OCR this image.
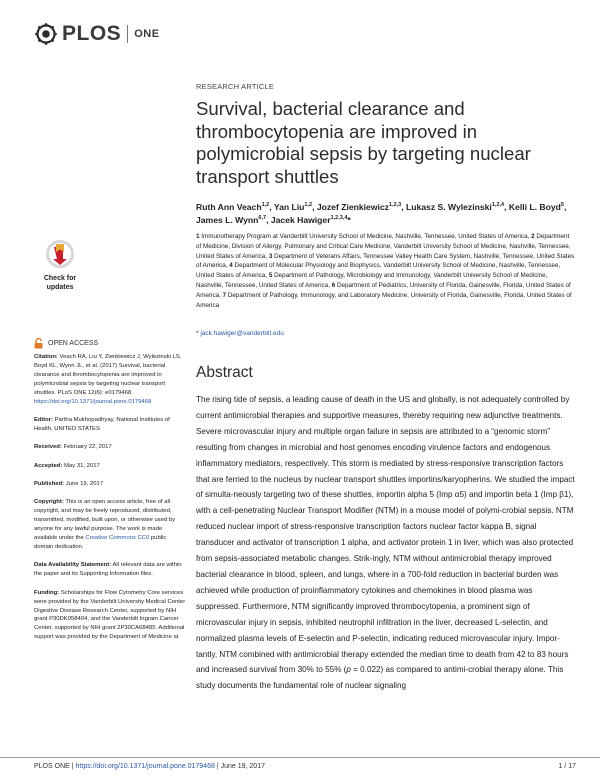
PLOS ONE
RESEARCH ARTICLE
Survival, bacterial clearance and thrombocytopenia are improved in polymicrobial sepsis by targeting nuclear transport shuttles
Ruth Ann Veach$^{1,2}$, Yan Liu$^{1,2}$, Jozef Zienkiewicz$^{1,2,3}$, Lukasz S. Wylezinski$^{1,2,4}$, Kelli L. Boyd$^5$, James L. Wynn$^{6,7}$, Jacek Hawiger$^{1,2,3,4}$*
1 Immunotherapy Program at Vanderbilt University School of Medicine, Nashville, Tennessee, United States of America, 2 Department of Medicine, Division of Allergy, Pulmonary and Critical Care Medicine, Vanderbilt University School of Medicine, Nashville, Tennessee, United States of America, 3 Department of Veterans Affairs, Tennessee Valley Health Care System, Nashville, Tennessee, United States of America, 4 Department of Molecular Physiology and Biophysics, Vanderbilt University School of Medicine, Nashville, Tennessee, United States of America, 5 Department of Pathology, Microbiology and Immunology, Vanderbilt University School of Medicine, Nashville, Tennessee, United States of America, 6 Department of Pediatrics, University of Florida, Gainesville, Florida, United States of America, 7 Department of Pathology, Immunology, and Laboratory Medicine, University of Florida, Gainesville, Florida, United States of America
* jack.hawiger@vanderbilt.edu
Abstract
The rising tide of sepsis, a leading cause of death in the US and globally, is not adequately controlled by current antimicrobial therapies and supportive measures, thereby requiring new adjunctive treatments. Severe microvascular injury and multiple organ failure in sepsis are attributed to a “genomic storm” resulting from changes in microbial and host genomes encoding virulence factors and endogenous inflammatory mediators, respectively. This storm is mediated by stress-responsive transcription factors that are ferried to the nucleus by nuclear transport shuttles importins/karyopherins. We studied the impact of simulta-neously targeting two of these shuttles, importin alpha 5 (Imp α5) and importin beta 1 (Imp β1), with a cell-penetrating Nuclear Transport Modifier (NTM) in a mouse model of polymi-crobial sepsis. NTM reduced nuclear import of stress-responsive transcription factors nuclear factor kappa B, signal transducer and activator of transcription 1 alpha, and activator protein 1 in liver, which was also protected from sepsis-associated metabolic changes. Strik-ingly, NTM without antimicrobial therapy improved bacterial clearance in blood, spleen, and lungs, where in a 700-fold reduction in bacterial burden was achieved while production of proinflammatory cytokines and chemokines in blood plasma was suppressed. Furthermore, NTM significantly improved thrombocytopenia, a prominent sign of microvascular injury in sepsis, inhibited neutrophil infiltration in the liver, decreased L-selectin, and normalized plasma levels of E-selectin and P-selectin, indicating reduced microvascular injury. Impor-tantly, NTM combined with antimicrobial therapy extended the median time to death from 42 to 83 hours and increased survival from 30% to 55% (p = 0.022) as compared to antimi-crobial therapy alone. This study documents the fundamental role of nuclear signaling
Check for
updates
OPEN ACCESS

Citation: Veach RA, Liu Y, Zienkiewicz J, Wylezinski LS, Boyd KL, Wynn JL, et al. (2017) Survival, bacterial clearance and thrombocytopenia are improved in polymicrobial sepsis by targeting nuclear transport shuttles. PLoS ONE 12(6): e0179468. https://doi.org/10.1371/journal.pone.0179468

Editor: Partha Mukhopadhyay, National Institutes of Health, UNITED STATES

Received: February 22, 2017

Accepted: May 31, 2017

Published: June 19, 2017

Copyright: This is an open access article, free of all copyright, and may be freely reproduced, distributed, transmitted, modified, built upon, or otherwise used by anyone for any lawful purpose. The work is made available under the Creative Commons CC0 public domain dedication.

Data Availability Statement: All relevant data are within the paper and its Supporting Information files.

Funding: Scholarships for Flow Cytometry Core services were provided by the Vanderbilt University Medical Center Digestive Disease Research Center, supported by NIH grant P30DK058404, and the Vanderbilt Ingram Cancer Center, supported by NIH grant 2P30CA68485. Additional support was provided by the Department of Medicine at

PLOS ONE | https://doi.org/10.1371/journal.pone.0179468 | June 19, 2017	1 / 17
